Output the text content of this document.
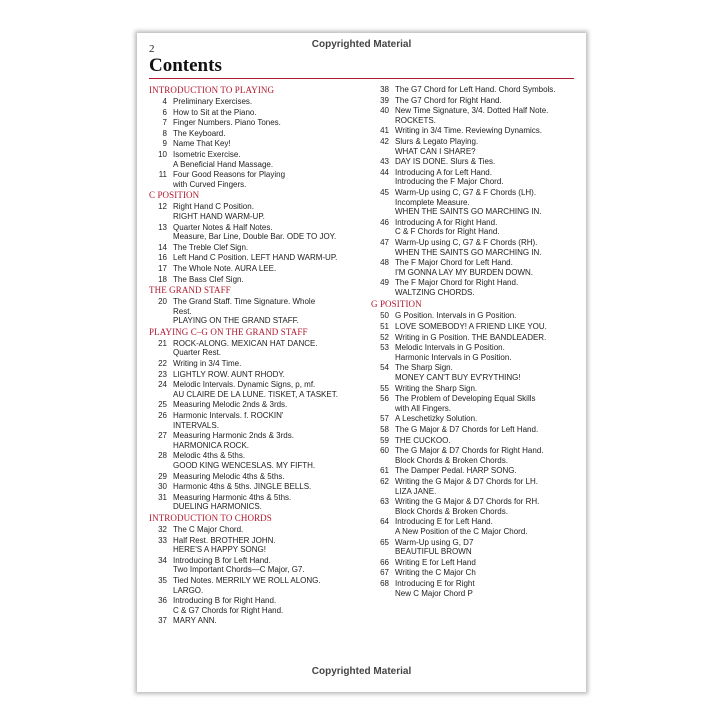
Copyrighted Material
2
Contents
INTRODUCTION TO PLAYING
4 Preliminary Exercises.
6 How to Sit at the Piano.
7 Finger Numbers. Piano Tones.
8 The Keyboard.
9 Name That Key!
10 Isometric Exercise.
A Beneficial Hand Massage.
11 Four Good Reasons for Playing
with Curved Fingers.
C POSITION
12 Right Hand C Position.
RIGHT HAND WARM-UP.
13 Quarter Notes & Half Notes.
Measure, Bar Line, Double Bar. ODE TO JOY.
14 The Treble Clef Sign.
16 Left Hand C Position. LEFT HAND WARM-UP.
17 The Whole Note. AURA LEE.
18 The Bass Clef Sign.
THE GRAND STAFF
20 The Grand Staff. Time Signature. Whole
Rest.
PLAYING ON THE GRAND STAFF.
PLAYING C–G ON THE GRAND STAFF
21 ROCK-ALONG. MEXICAN HAT DANCE.
Quarter Rest.
22 Writing in 3/4 Time.
23 LIGHTLY ROW. AUNT RHODY.
24 Melodic Intervals. Dynamic Signs, p, mf.
AU CLAIRE DE LA LUNE. TISKET, A TASKET.
25 Measuring Melodic 2nds & 3rds.
26 Harmonic Intervals. f. ROCKIN'
INTERVALS.
27 Measuring Harmonic 2nds & 3rds.
HARMONICA ROCK.
28 Melodic 4ths & 5ths.
GOOD KING WENCESLAS. MY FIFTH.
29 Measuring Melodic 4ths & 5ths.
30 Harmonic 4ths & 5ths. JINGLE BELLS.
31 Measuring Harmonic 4ths & 5ths.
DUELING HARMONICS.
INTRODUCTION TO CHORDS
32 The C Major Chord.
33 Half Rest. BROTHER JOHN.
HERE'S A HAPPY SONG!
34 Introducing B for Left Hand.
Two Important Chords—C Major, G7.
35 Tied Notes. MERRILY WE ROLL ALONG.
LARGO.
36 Introducing B for Right Hand.
C & G7 Chords for Right Hand.
37 MARY ANN.
38 The G7 Chord for Left Hand. Chord Symbols.
39 The G7 Chord for Right Hand.
40 New Time Signature, 3/4. Dotted Half Note.
ROCKETS.
41 Writing in 3/4 Time. Reviewing Dynamics.
42 Slurs & Legato Playing.
WHAT CAN I SHARE?
43 DAY IS DONE. Slurs & Ties.
44 Introducing A for Left Hand.
Introducing the F Major Chord.
45 Warm-Up using C, G7 & F Chords (LH).
Incomplete Measure.
WHEN THE SAINTS GO MARCHING IN.
46 Introducing A for Right Hand.
C & F Chords for Right Hand.
47 Warm-Up using C, G7 & F Chords (RH).
WHEN THE SAINTS GO MARCHING IN.
48 The F Major Chord for Left Hand.
I'M GONNA LAY MY BURDEN DOWN.
49 The F Major Chord for Right Hand.
WALTZING CHORDS.
G POSITION
50 G Position. Intervals in G Position.
51 LOVE SOMEBODY! A FRIEND LIKE YOU.
52 Writing in G Position. THE BANDLEADER.
53 Melodic Intervals in G Position.
Harmonic Intervals in G Position.
54 The Sharp Sign.
MONEY CAN'T BUY EV'RYTHING!
55 Writing the Sharp Sign.
56 The Problem of Developing Equal Skills
with All Fingers.
57 A Leschetizky Solution.
58 The G Major & D7 Chords for Left Hand.
59 THE CUCKOO.
60 The G Major & D7 Chords for Right Hand.
Block Chords & Broken Chords.
61 The Damper Pedal. HARP SONG.
62 Writing the G Major & D7 Chords for LH.
LIZA JANE.
63 Writing the G Major & D7 Chords for RH.
Block Chords & Broken Chords.
64 Introducing E for Left Hand.
A New Position of the C Major Chord.
65 Warm-Up using G, D7
BEAUTIFUL BROWN
66 Writing E for Left Hand
67 Writing the C Major Ch
68 Introducing E for Right
New C Major Chord P
Copyrighted Material
